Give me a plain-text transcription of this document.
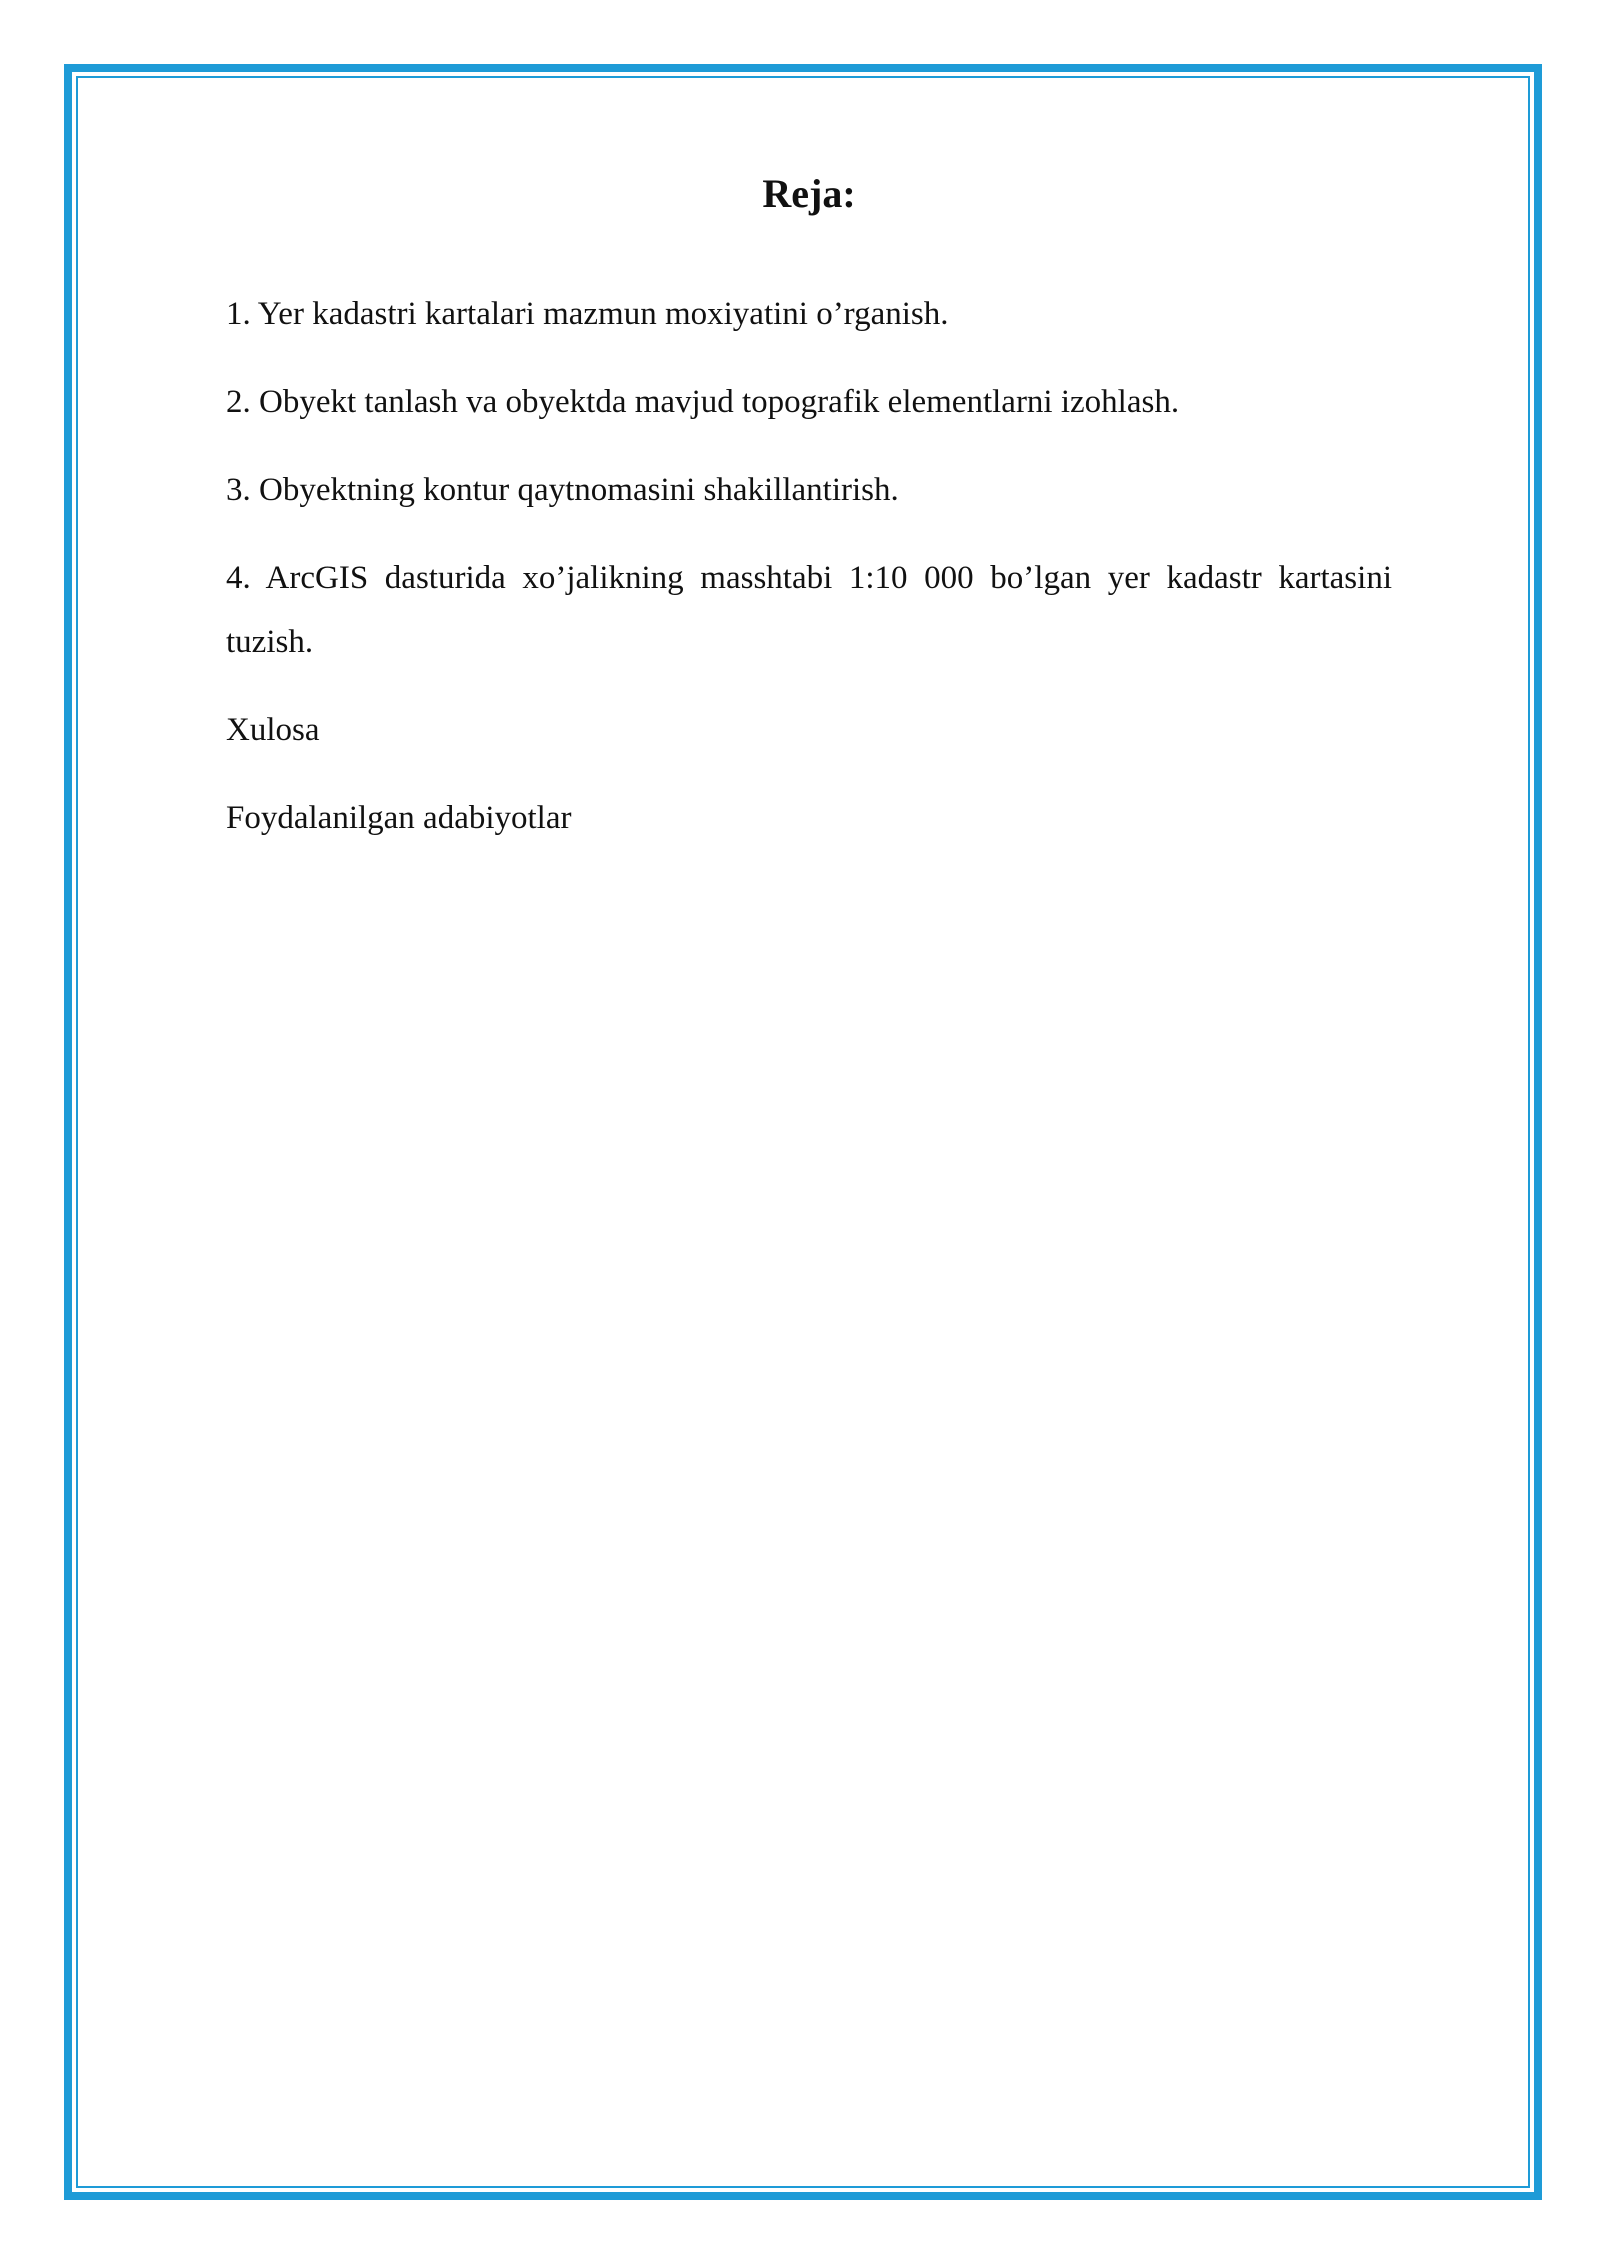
Reja:

1. Yer kadastri kartalari mazmun moxiyatini o’rganish.

2. Obyekt tanlash va obyektda mavjud topografik elementlarni izohlash.

3. Obyektning kontur qaytnomasini shakillantirish.

4. ArcGIS dasturida xo’jalikning masshtabi 1:10 000 bo’lgan yer kadastr kartasini tuzish.

Xulosa

Foydalanilgan adabiyotlar
